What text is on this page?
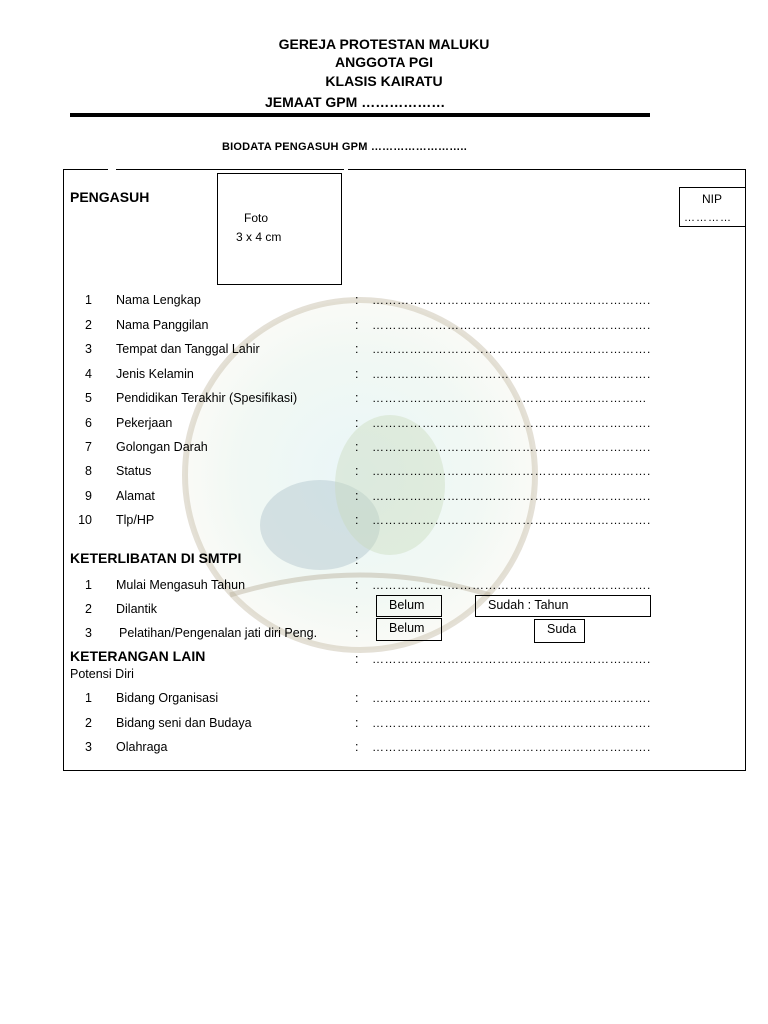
GEREJA PROTESTAN MALUKU
ANGGOTA PGI
KLASIS KAIRATU
JEMAAT GPM ………………
BIODATA PENGASUH GPM ……………………..
PENGASUH
Foto
3 x 4 cm
NIP
…………
1 Nama Lengkap	: ………………………………………………………….
2 Nama Panggilan	: ………………………………………………………….
3 Tempat dan Tanggal Lahir	: ………………………………………………………….
4 Jenis Kelamin	: ………………………………………………………….
5 Pendidikan Terakhir (Spesifikasi)	: …………………………………………………………
6 Pekerjaan	: ………………………………………………………….
7 Golongan Darah	: ………………………………………………………….
8 Status	: ………………………………………………………….
9 Alamat	: ………………………………………………………….
10 Tlp/HP	: ………………………………………………………….
KETERLIBATAN DI SMTPI	:
1 Mulai Mengasuh Tahun	: ………………………………………………………….
2 Dilantik	:	Belum	Sudah : Tahun
3 Pelatihan/Pengenalan jati diri Peng.	:	Belum	Suda
KETERANGAN LAIN	: ………………………………………………………….
Potensi Diri
1 Bidang Organisasi	: ………………………………………………………….
2 Bidang seni dan Budaya	: ………………………………………………………….
3 Olahraga	: ………………………………………………………….
